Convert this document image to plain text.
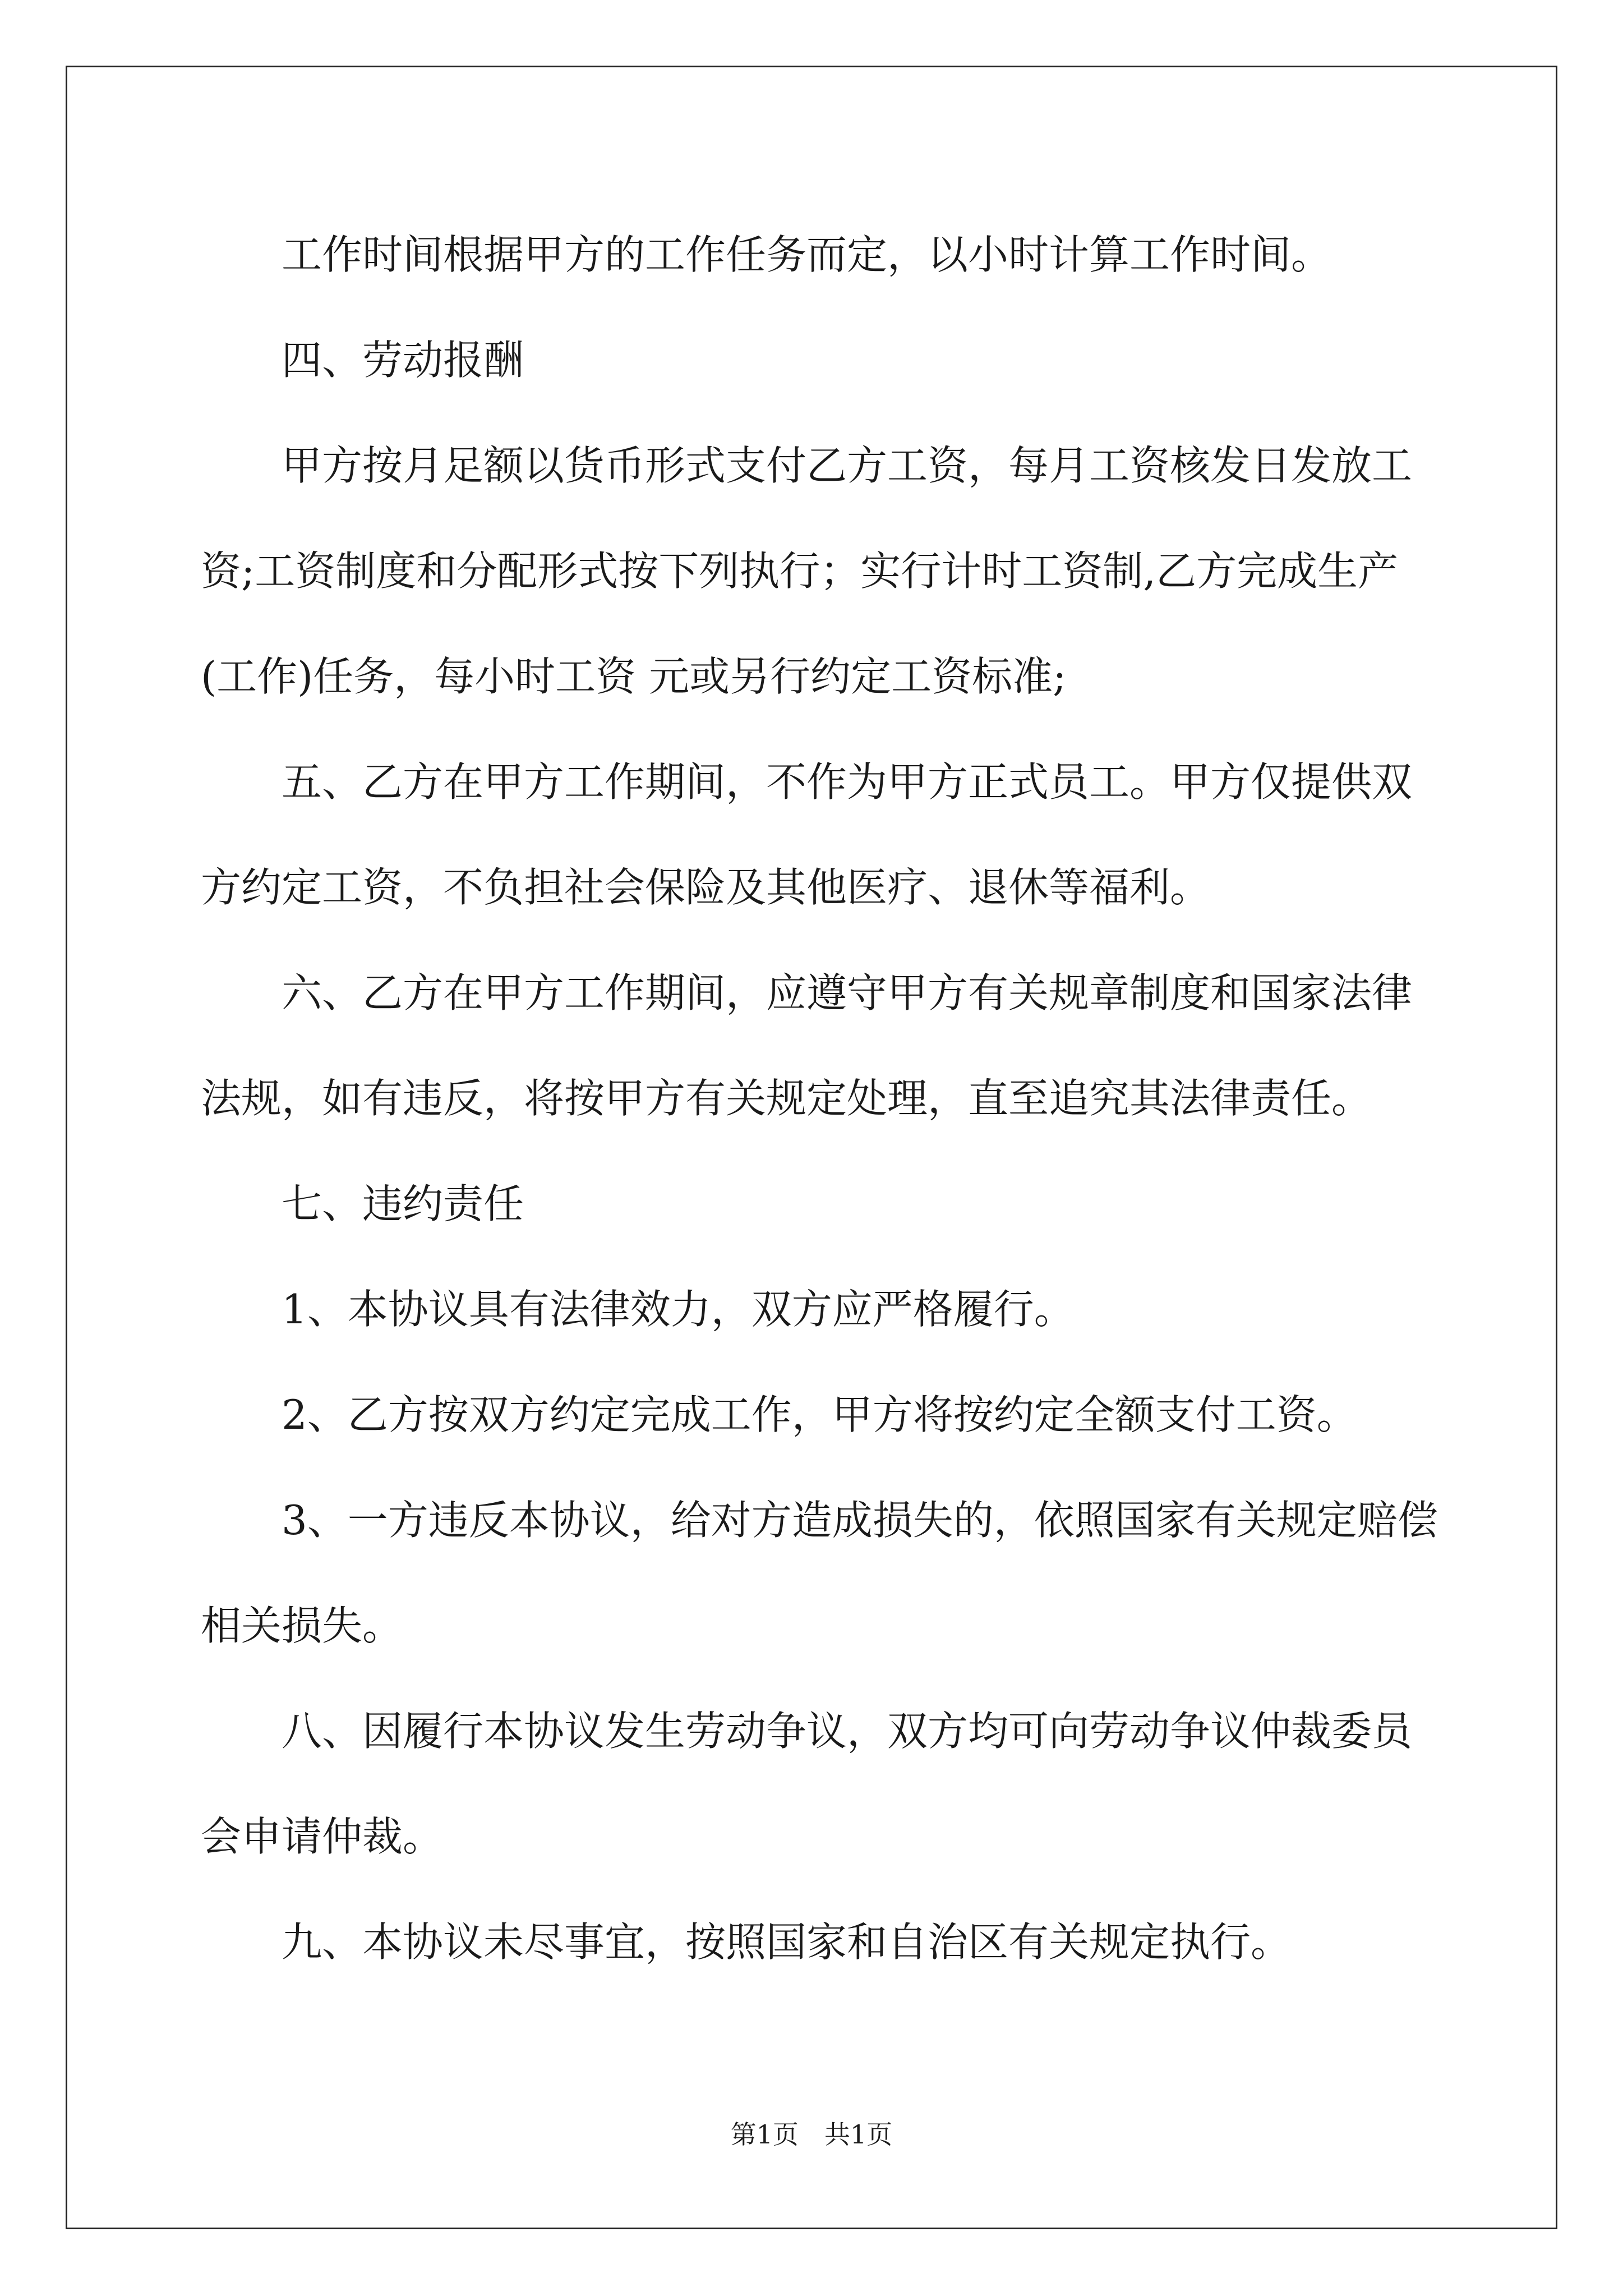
工作时间根据甲方的工作任务而定，以小时计算工作时间。

四、劳动报酬

甲方按月足额以货币形式支付乙方工资，每月工资核发日发放工

资;工资制度和分配形式按下列执行；实行计时工资制,乙方完成生产

(工作)任务，每小时工资 元或另行约定工资标准;

五、乙方在甲方工作期间，不作为甲方正式员工。甲方仅提供双

方约定工资，不负担社会保险及其他医疗、退休等福利。

六、乙方在甲方工作期间，应遵守甲方有关规章制度和国家法律

法规，如有违反，将按甲方有关规定处理，直至追究其法律责任。

七、违约责任

1、本协议具有法律效力，双方应严格履行。

2、乙方按双方约定完成工作，甲方将按约定全额支付工资。

3、一方违反本协议，给对方造成损失的，依照国家有关规定赔偿

相关损失。

八、因履行本协议发生劳动争议，双方均可向劳动争议仲裁委员

会申请仲裁。

九、本协议未尽事宜，按照国家和自治区有关规定执行。

第1页　共1页
